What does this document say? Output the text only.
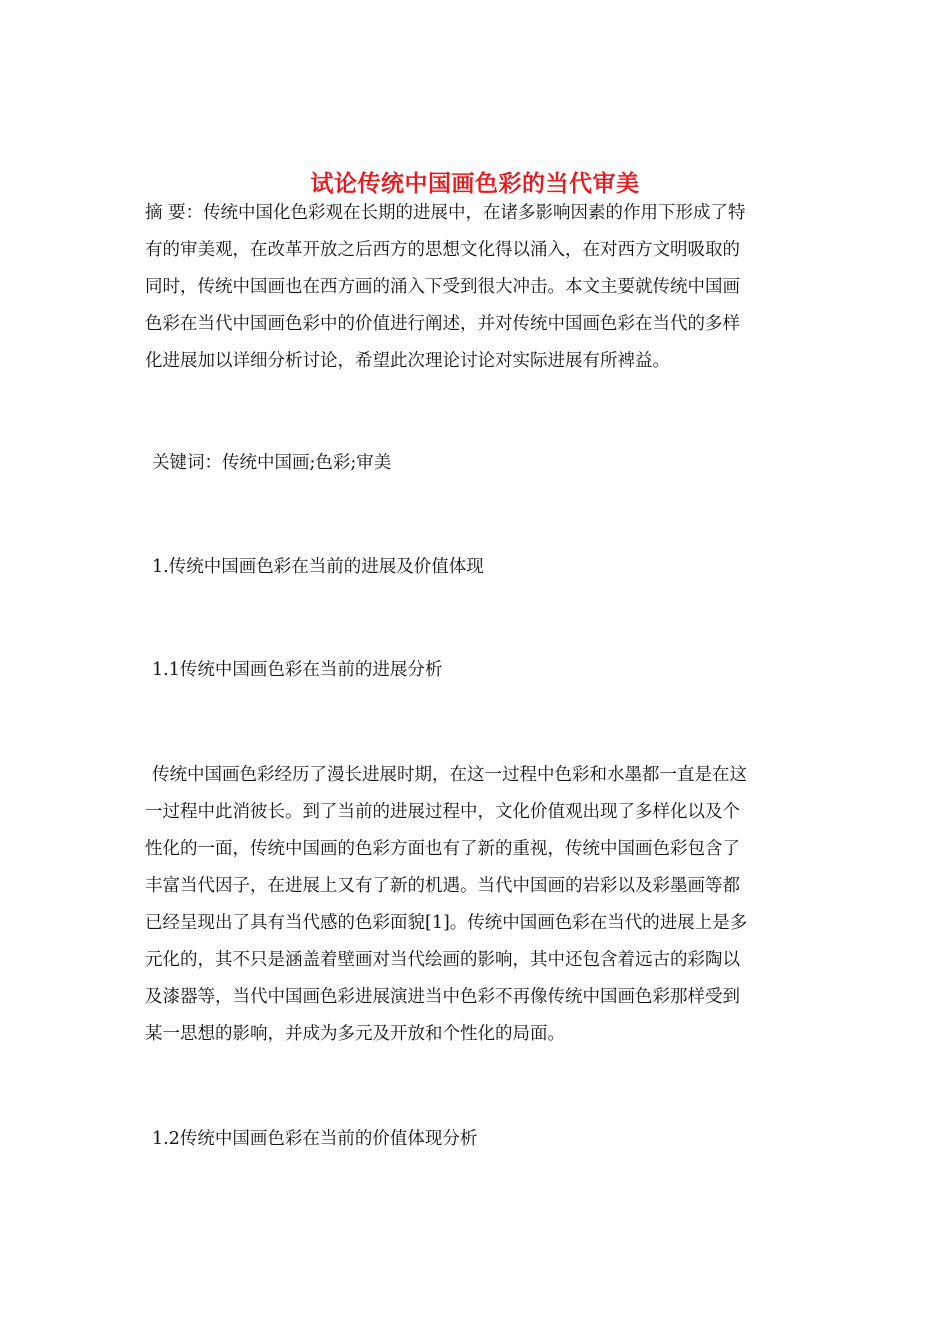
试论传统中国画色彩的当代审美
摘 要：传统中国化色彩观在长期的进展中，在诸多影响因素的作用下形成了特
有的审美观，在改革开放之后西方的思想文化得以涌入，在对西方文明吸取的
同时，传统中国画也在西方画的涌入下受到很大冲击。本文主要就传统中国画
色彩在当代中国画色彩中的价值进行阐述，并对传统中国画色彩在当代的多样
化进展加以详细分析讨论，希望此次理论讨论对实际进展有所裨益。

关键词：传统中国画;色彩;审美

1.传统中国画色彩在当前的进展及价值体现
1.1传统中国画色彩在当前的进展分析
传统中国画色彩经历了漫长进展时期，在这一过程中色彩和水墨都一直是在这
一过程中此消彼长。到了当前的进展过程中，文化价值观出现了多样化以及个
性化的一面，传统中国画的色彩方面也有了新的重视，传统中国画色彩包含了
丰富当代因子，在进展上又有了新的机遇。当代中国画的岩彩以及彩墨画等都
已经呈现出了具有当代感的色彩面貌[1]。传统中国画色彩在当代的进展上是多
元化的，其不只是涵盖着壁画对当代绘画的影响，其中还包含着远古的彩陶以
及漆器等，当代中国画色彩进展演进当中色彩不再像传统中国画色彩那样受到
某一思想的影响，并成为多元及开放和个性化的局面。
1.2传统中国画色彩在当前的价值体现分析
